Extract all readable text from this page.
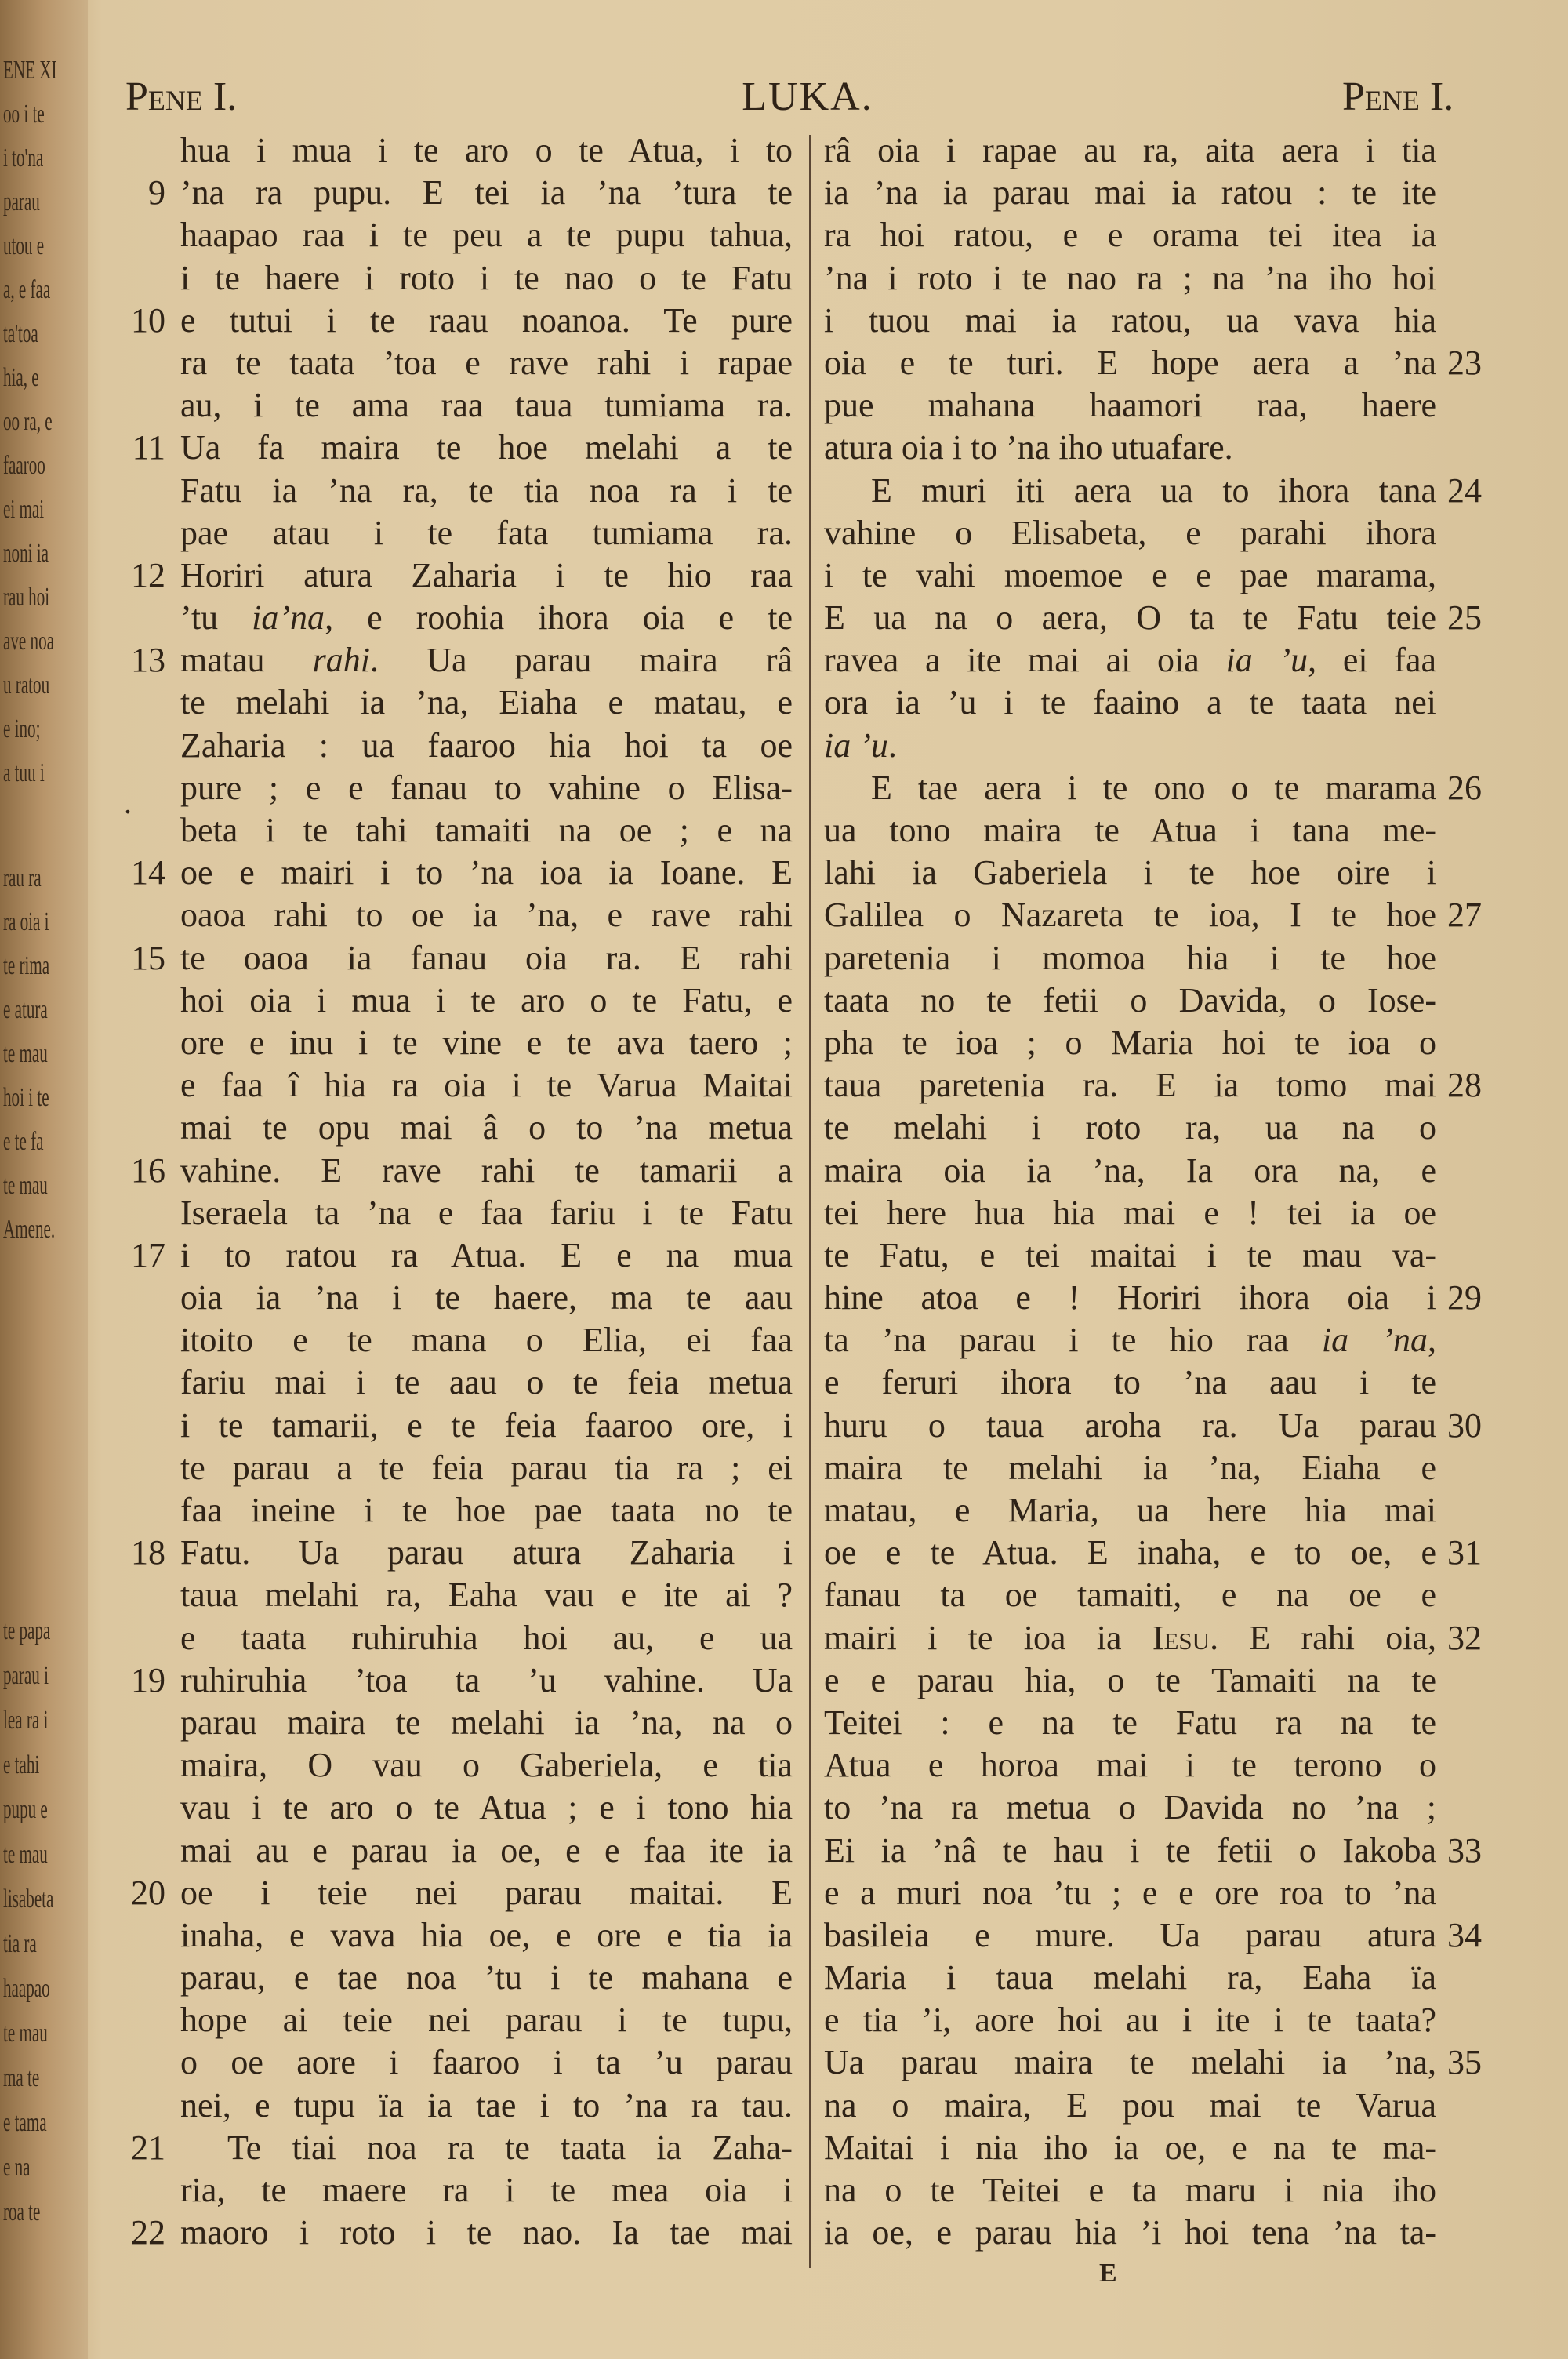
ENE XI
oo i te
i to'na
parau
utou e
a, e faa
ta'toa
hia, e
oo ra, e
faaroo
ei mai
noni ia
rau hoi
ave noa
u ratou
e ino;
a tuu i
rau ra
ra oia i
te rima
e atura
te mau
hoi i te
e te fa
te mau
Amene.
te papa
parau i
lea ra i
e tahi
pupu e
te mau
lisabeta
tia ra
haapao
te mau
ma te
e tama
e na
roa te
Pene I.	LUKA.	Pene I.
hua i mua i te aro o te Atua, i to
9 ’na ra pupu. E tei ia ’na ’tura te
haapao raa i te peu a te pupu tahua,
i te haere i roto i te nao o te Fatu
10 e tutui i te raau noanoa. Te pure
ra te taata ’toa e rave rahi i rapae
au, i te ama raa taua tumiama ra.
11 Ua fa maira te hoe melahi a te
Fatu ia ’na ra, te tia noa ra i te
pae atau i te fata tumiama ra.
12 Horiri atura Zaharia i te hio raa
’tu ia’na, e roohia ihora oia e te
13 matau rahi. Ua parau maira râ
te melahi ia ’na, Eiaha e matau, e
Zaharia : ua faaroo hia hoi ta oe
pure ; e e fanau to vahine o Elisa-
beta i te tahi tamaiti na oe ; e na
14 oe e mairi i to ’na ioa ia Ioane. E
oaoa rahi to oe ia ’na, e rave rahi
15 te oaoa ia fanau oia ra. E rahi
hoi oia i mua i te aro o te Fatu, e
ore e inu i te vine e te ava taero ;
e faa î hia ra oia i te Varua Maitai
mai te opu mai â o to ’na metua
16 vahine. E rave rahi te tamarii a
Iseraela ta ’na e faa fariu i te Fatu
17 i to ratou ra Atua. E e na mua
oia ia ’na i te haere, ma te aau
itoito e te mana o Elia, ei faa
fariu mai i te aau o te feia metua
i te tamarii, e te feia faaroo ore, i
te parau a te feia parau tia ra ; ei
faa ineine i te hoe pae taata no te
18 Fatu. Ua parau atura Zaharia i
taua melahi ra, Eaha vau e ite ai ?
e taata ruhiruhia hoi au, e ua
19 ruhiruhia ’toa ta ’u vahine. Ua
parau maira te melahi ia ’na, na o
maira, O vau o Gaberiela, e tia
vau i te aro o te Atua ; e i tono hia
mai au e parau ia oe, e e faa ite ia
20 oe i teie nei parau maitai. E
inaha, e vava hia oe, e ore e tia ia
parau, e tae noa ’tu i te mahana e
hope ai teie nei parau i te tupu,
o oe aore i faaroo i ta ’u parau
nei, e tupu ïa ia tae i to ’na ra tau.
21	Te tiai noa ra te taata ia Zaha-
ria, te maere ra i te mea oia i
22 maoro i roto i te nao. Ia tae mai
râ oia i rapae au ra, aita aera i tia
ia ’na ia parau mai ia ratou : te ite
ra hoi ratou, e e orama tei itea ia
’na i roto i te nao ra ; na ’na iho hoi
i tuou mai ia ratou, ua vava hia
23
oia e te turi. E hope aera a ’na
pue mahana haamori raa, haere
atura oia i to ’na iho utuafare.
24
E muri iti aera ua to ihora tana
vahine o Elisabeta, e parahi ihora
i te vahi moemoe e e pae marama,
25
E ua na o aera, O ta te Fatu teie
ravea a ite mai ai oia ia ’u, ei faa
ora ia ’u i te faaino a te taata nei
ia ’u.
26
E tae aera i te ono o te marama
ua tono maira te Atua i tana me-
lahi ia Gaberiela i te hoe oire i
27
Galilea o Nazareta te ioa, I te hoe
paretenia i momoa hia i te hoe
taata no te fetii o Davida, o Iose-
pha te ioa ; o Maria hoi te ioa o
28
taua paretenia ra. E ia tomo mai
te melahi i roto ra, ua na o
maira oia ia ’na, Ia ora na, e
tei here hua hia mai e ! tei ia oe
te Fatu, e tei maitai i te mau va-
29
hine atoa e ! Horiri ihora oia i
ta ’na parau i te hio raa ia ’na,
e feruri ihora to ’na aau i te
30
huru o taua aroha ra. Ua parau
maira te melahi ia ’na, Eiaha e
matau, e Maria, ua here hia mai
31
oe e te Atua. E inaha, e to oe, e
fanau ta oe tamaiti, e na oe e
32
mairi i te ioa ia Iesu. E rahi oia,
e e parau hia, o te Tamaiti na te
Teitei : e na te Fatu ra na te
Atua e horoa mai i te terono o
to ’na ra metua o Davida no ’na ;
33
Ei ia ’nâ te hau i te fetii o Iakoba
e a muri noa ’tu ; e e ore roa to ’na
34
basileia e mure. Ua parau atura
Maria i taua melahi ra, Eaha ïa
e tia ’i, aore hoi au i ite i te taata?
35
Ua parau maira te melahi ia ’na,
na o maira, E pou mai te Varua
Maitai i nia iho ia oe, e na te ma-
na o te Teitei e ta maru i nia iho
ia oe, e parau hia ’i hoi tena ’na ta-
.
E
